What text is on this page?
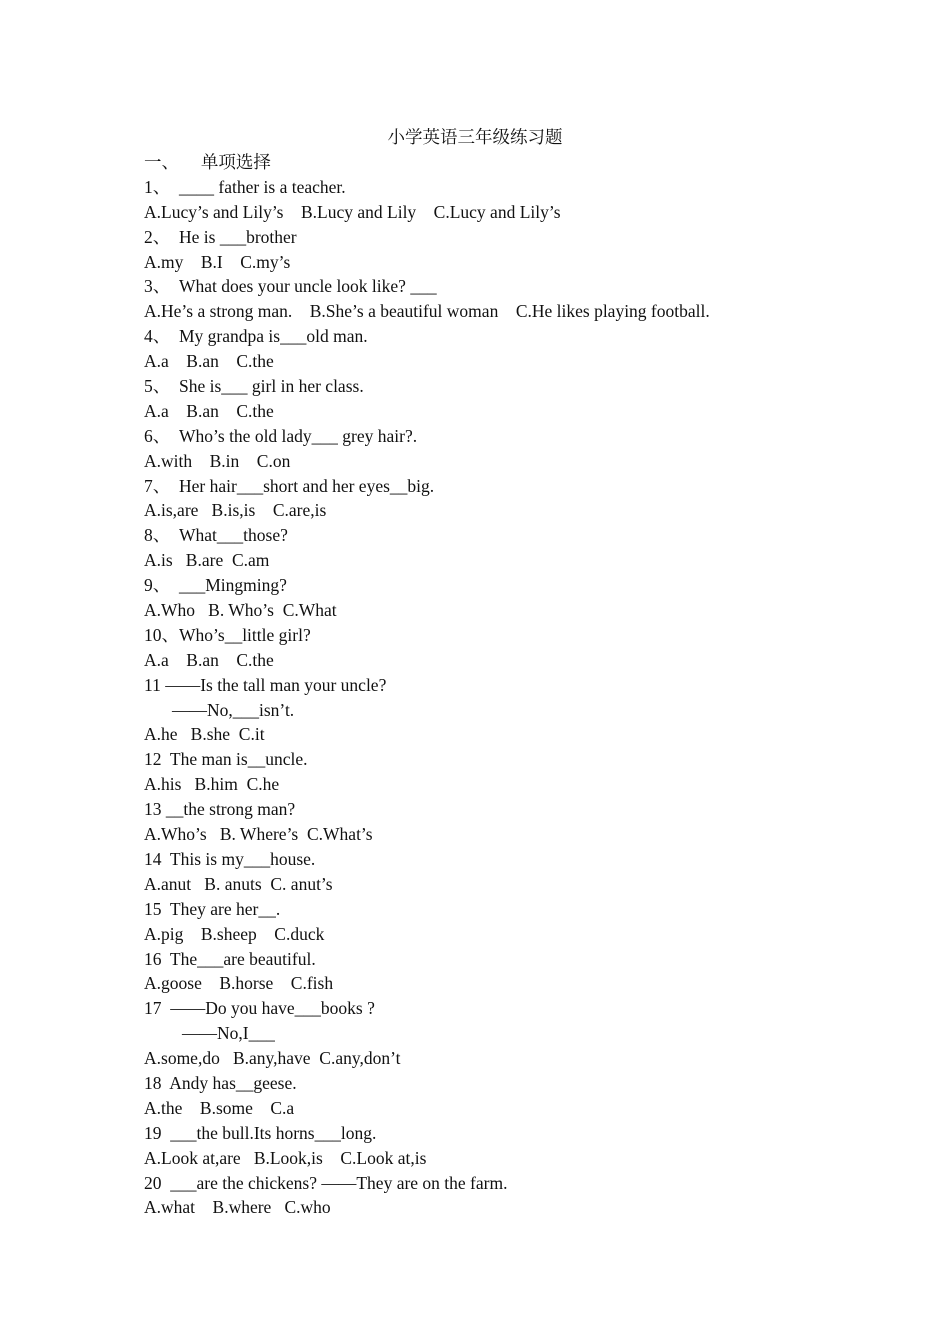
小学英语三年级练习题
一、     单项选择
1、  ____ father is a teacher.
A.Lucy’s and Lily’s    B.Lucy and Lily    C.Lucy and Lily’s
2、  He is ___brother
A.my    B.I    C.my’s
3、  What does your uncle look like? ___
A.He’s a strong man.    B.She’s a beautiful woman    C.He likes playing football.
4、  My grandpa is___old man.
A.a    B.an    C.the
5、  She is___ girl in her class.
A.a    B.an    C.the
6、  Who’s the old lady___ grey hair?.
A.with    B.in    C.on
7、  Her hair___short and her eyes__big.
A.is,are   B.is,is    C.are,is
8、  What___those?
A.is   B.are  C.am
9、  ___Mingming?
A.Who   B. Who’s  C.What
10、Who’s__little girl?
A.a    B.an    C.the
11 ——Is the tall man your uncle?
——No,___isn’t.
A.he   B.she  C.it
12  The man is__uncle.
A.his   B.him  C.he
13 __the strong man?
A.Who’s   B. Where’s  C.What’s
14  This is my___house.
A.anut   B. anuts  C. anut’s
15  They are her__.
A.pig    B.sheep    C.duck
16  The___are beautiful.
A.goose    B.horse    C.fish
17  ——Do you have___books ?
——No,I___
A.some,do   B.any,have  C.any,don’t
18  Andy has__geese.
A.the    B.some    C.a
19  ___the bull.Its horns___long.
A.Look at,are   B.Look,is    C.Look at,is
20  ___are the chickens? ——They are on the farm.
A.what    B.where   C.who
